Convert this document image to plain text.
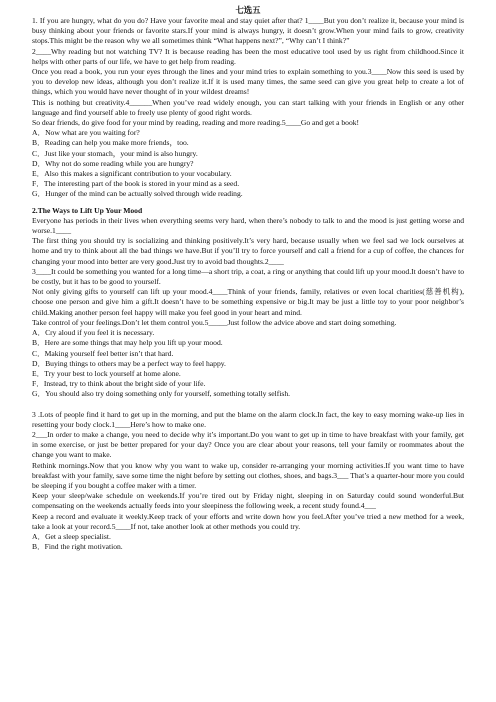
七选五

1. If you are hungry, what do you do? Have your favorite meal and stay quiet after that? 1____But you don’t realize it, because your mind is busy thinking about your friends or favorite stars.If your mind is always hungry, it doesn’t grow.When your mind fails to grow, creativity stops.This might be the reason why we all sometimes think “What happens next?”, “Why can’t I think?”

2____Why reading but not watching TV? It is because reading has been the most educative tool used by us right from childhood.Since it helps with other parts of our life, we have to get help from reading.

Once you read a book, you run your eyes through the lines and your mind tries to explain something to you.3____Now this seed is used by you to develop new ideas, although you don’t realize it.If it is used many times, the same seed can give you great help to create a lot of things, which you would have never thought of in your wildest dreams!

This is nothing but creativity.4______When you’ve read widely enough, you can start talking with your friends in English or any other language and find yourself able to freely use plenty of good right words.

So dear friends, do give food for your mind by reading, reading and more reading.5____Go and get a book!

A．Now what are you waiting for?

B．Reading can help you make more friends，too.

C．Just like your stomach，your mind is also hungry.

D．Why not do some reading while you are hungry?

E．Also this makes a significant contribution to your vocabulary.

F．The interesting part of the book is stored in your mind as a seed.

G．Hunger of the mind can be actually solved through wide reading.

2.The Ways to Lift Up Your Mood

Everyone has periods in their lives when everything seems very hard, when there’s nobody to talk to and the mood is just getting worse and worse.1____

The first thing you should try is socializing and thinking positively.It’s very hard, because usually when we feel sad we lock ourselves at home and try to think about all the bad things we have.But if you’ll try to force yourself and call a friend for a cup of coffee, the chances for changing your mood into better are very good.Just try to avoid bad thoughts.2____

3____It could be something you wanted for a long time—a short trip, a coat, a ring or anything that could lift up your mood.It doesn’t have to be costly, but it has to be good to yourself.

Not only giving gifts to yourself can lift up your mood.4____Think of your friends, family, relatives or even local charities(慈善机构), choose one person and give him a gift.It doesn’t have to be something expensive or big.It may be just a little toy to your poor neighbor’s child.Making another person feel happy will make you feel good in your heart and mind.

Take control of your feelings.Don’t let them control you.5_____Just follow the advice above and start doing something.

A．Cry aloud if you feel it is necessary.

B．Here are some things that may help you lift up your mood.

C．Making yourself feel better isn’t that hard.

D．Buying things to others may be a perfect way to feel happy.

E．Try your best to lock yourself at home alone.

F．Instead, try to think about the bright side of your life.

G．You should also try doing something only for yourself, something totally selfish.

3 .Lots of people find it hard to get up in the morning, and put the blame on the alarm clock.In fact, the key to easy morning wake-up lies in resetting your body clock.1____Here’s how to make one.

2___In order to make a change, you need to decide why it’s important.Do you want to get up in time to have breakfast with your family, get in some exercise, or just be better prepared for your day? Once you are clear about your reasons, tell your family or roommates about the change you want to make.

Rethink mornings.Now that you know why you want to wake up, consider re-arranging your morning activities.If you want time to have breakfast with your family, save some time the night before by setting out clothes, shoes, and bags.3___ That’s a quarter-hour more you could be sleeping if you bought a coffee maker with a timer.

Keep your sleep/wake schedule on weekends.If you’re tired out by Friday night, sleeping in on Saturday could sound wonderful.But compensating on the weekends actually feeds into your sleepiness the following week, a recent study found.4___

Keep a record and evaluate it weekly.Keep track of your efforts and write down how you feel.After you’ve tried a new method for a week, take a look at your record.5____If not, take another look at other methods you could try.

A．Get a sleep specialist.

B．Find the right motivation.
